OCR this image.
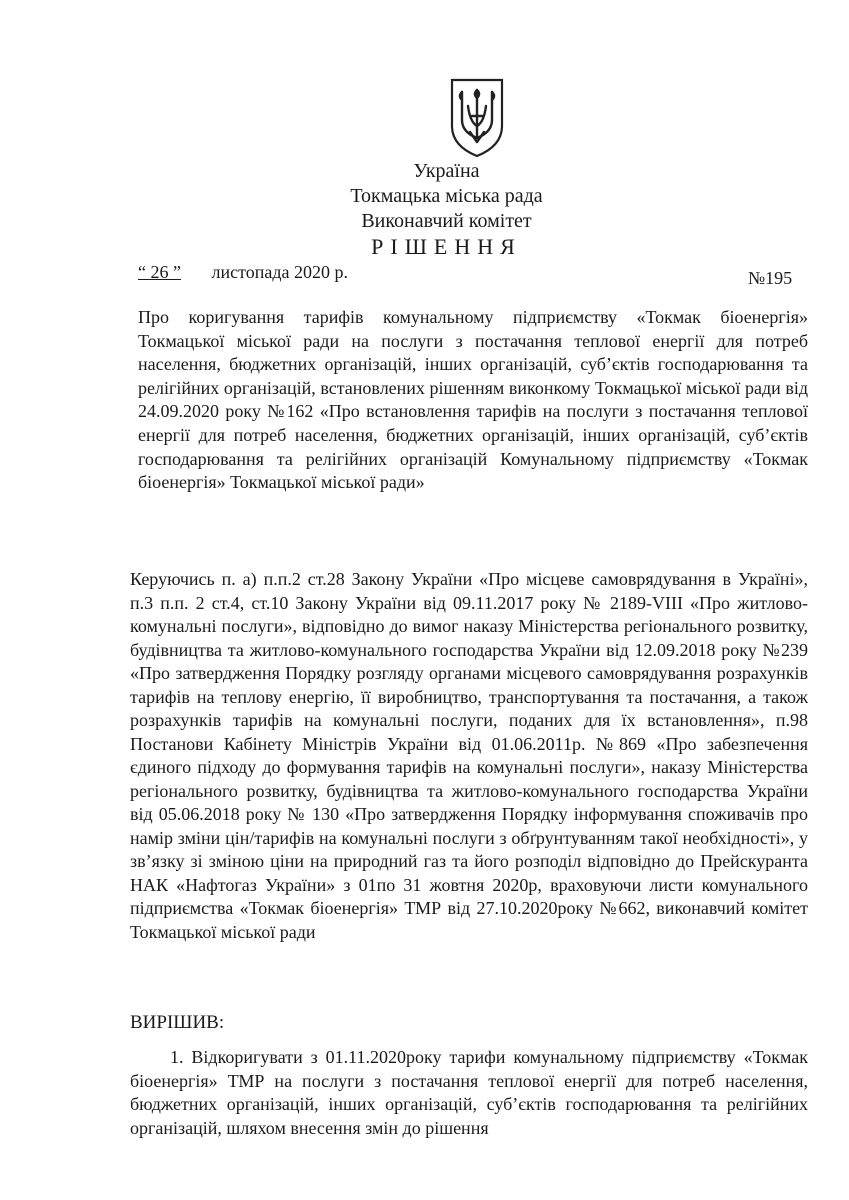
Україна
Токмацька міська рада
Виконавчий комітет
РІШЕННЯ
“ 26 ” листопада 2020 р.	№195
Про коригування тарифів комунальному підприємству «Токмак біоенергія» Токмацької міської ради на послуги з постачання теплової енергії для потреб населення, бюджетних організацій, інших організацій, суб’єктів господарювання та релігійних організацій, встановлених рішенням виконкому Токмацької міської ради від 24.09.2020 року №162 «Про встановлення тарифів на послуги з постачання теплової енергії для потреб населення, бюджетних організацій, інших організацій, суб’єктів господарювання та релігійних організацій Комунальному підприємству «Токмак біоенергія» Токмацької міської ради»
Керуючись п. а) п.п.2 ст.28 Закону України «Про місцеве самоврядування в Україні», п.3 п.п. 2 ст.4, ст.10 Закону України від 09.11.2017 року № 2189-VIII «Про житлово-комунальні послуги», відповідно до вимог наказу Міністерства регіонального розвитку, будівництва та житлово-комунального господарства України від 12.09.2018 року №239 «Про затвердження Порядку розгляду органами місцевого самоврядування розрахунків тарифів на теплову енергію, її виробництво, транспортування та постачання, а також розрахунків тарифів на комунальні послуги, поданих для їх встановлення», п.98 Постанови Кабінету Міністрів України від 01.06.2011р. №869 «Про забезпечення єдиного підходу до формування тарифів на комунальні послуги», наказу Міністерства регіонального розвитку, будівництва та житлово-комунального господарства України від 05.06.2018 року № 130 «Про затвердження Порядку інформування споживачів про намір зміни цін/тарифів на комунальні послуги з обґрунтуванням такої необхідності», у зв’язку зі зміною ціни на природний газ та його розподіл відповідно до Прейскуранта НАК «Нафтогаз України» з 01по 31 жовтня 2020р, враховуючи листи комунального підприємства «Токмак біоенергія» ТМР від 27.10.2020року №662, виконавчий комітет Токмацької міської ради
ВИРІШИВ:
1. Відкоригувати з 01.11.2020року тарифи комунальному підприємству «Токмак біоенергія» ТМР на послуги з постачання теплової енергії для потреб населення, бюджетних організацій, інших організацій, суб’єктів господарювання та релігійних організацій, шляхом внесення змін до рішення
